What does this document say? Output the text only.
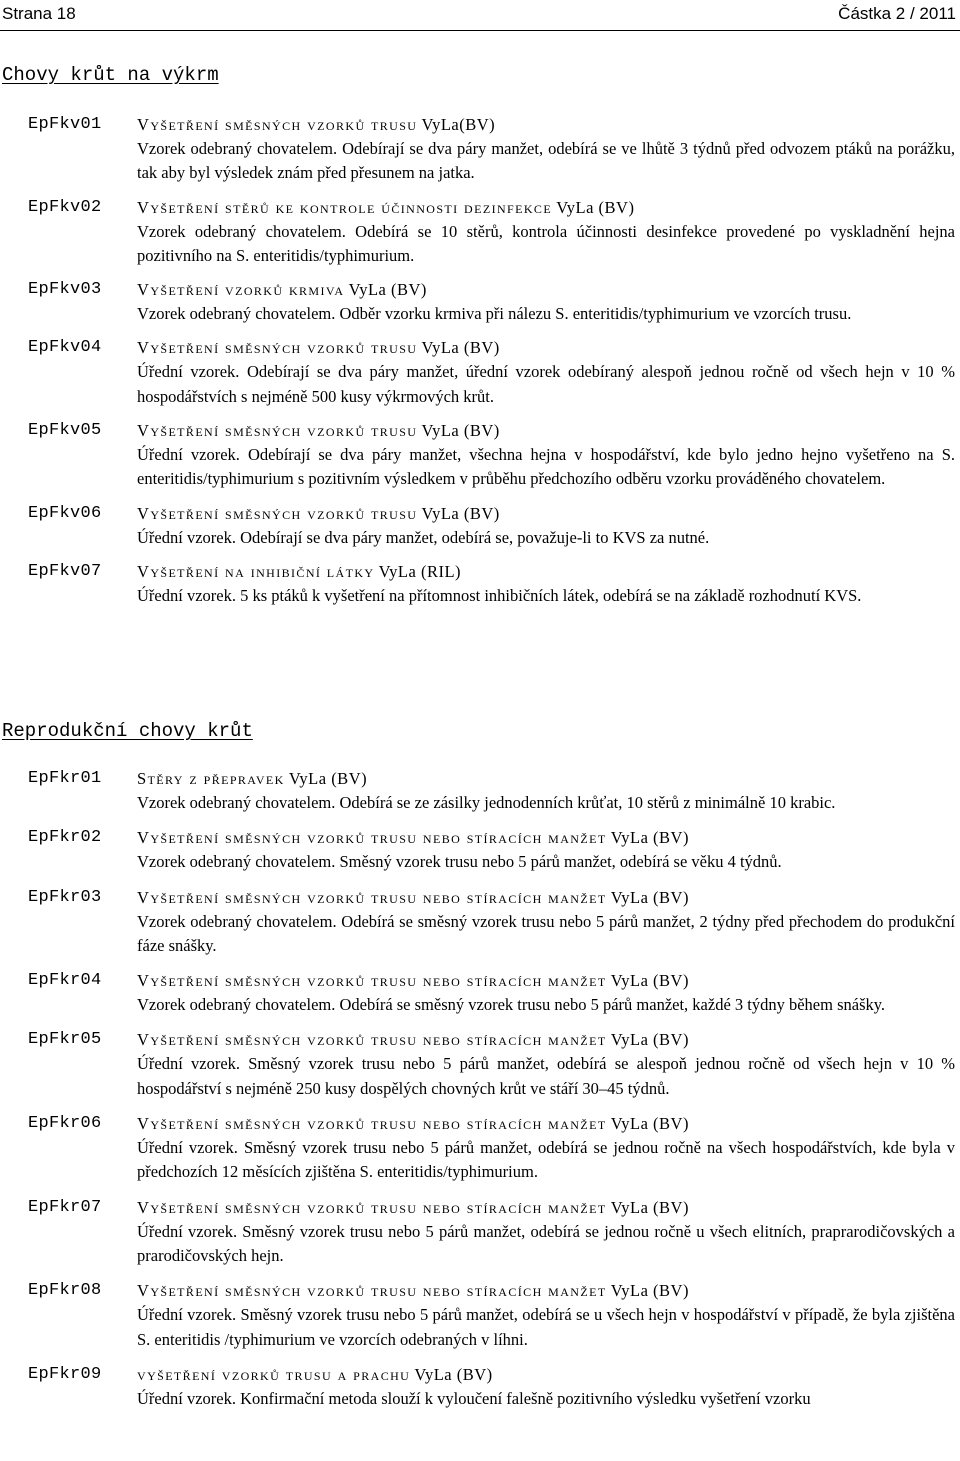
Strana 18	Částka 2 / 2011
Chovy krůt na výkrm
EpFkv01 Vyšetření směsných vzorků trusu VyLa(BV)
Vzorek odebraný chovatelem. Odebírají se dva páry manžet, odebírá se ve lhůtě 3 týdnů před odvozem ptáků na porážku, tak aby byl výsledek znám před přesunem na jatka.
EpFkv02 Vyšetření stěrů ke kontrole účinnosti dezinfekce VyLa (BV)
Vzorek odebraný chovatelem. Odebírá se 10 stěrů, kontrola účinnosti desinfekce provedené po vyskladnění hejna pozitivního na S. enteritidis/typhimurium.
EpFkv03 Vyšetření vzorků krmiva VyLa (BV)
Vzorek odebraný chovatelem. Odběr vzorku krmiva při nálezu S. enteritidis/typhimurium ve vzorcích trusu.
EpFkv04 Vyšetření směsných vzorků trusu VyLa (BV)
Úřední vzorek. Odebírají se dva páry manžet, úřední vzorek odebíraný alespoň jednou ročně od všech hejn v 10 % hospodářstvích s nejméně 500 kusy výkrmových krůt.
EpFkv05 Vyšetření směsných vzorků trusu VyLa (BV)
Úřední vzorek. Odebírají se dva páry manžet, všechna hejna v hospodářství, kde bylo jedno hejno vyšetřeno na S. enteritidis/typhimurium s pozitivním výsledkem v průběhu předchozího odběru vzorku prováděného chovatelem.
EpFkv06 Vyšetření směsných vzorků trusu VyLa (BV)
Úřední vzorek. Odebírají se dva páry manžet, odebírá se, považuje-li to KVS za nutné.
EpFkv07 Vyšetření na inhibiční látky VyLa (RIL)
Úřední vzorek. 5 ks ptáků k vyšetření na přítomnost inhibičních látek, odebírá se na základě rozhodnutí KVS.
Reprodukční chovy krůt
EpFkr01 Stěry z přepravek VyLa (BV)
Vzorek odebraný chovatelem. Odebírá se ze zásilky jednodenních krůťat, 10 stěrů z minimálně 10 krabic.
EpFkr02 Vyšetření směsných vzorků trusu nebo stíracích manžet VyLa (BV)
Vzorek odebraný chovatelem. Směsný vzorek trusu nebo 5 párů manžet, odebírá se věku 4 týdnů.
EpFkr03 Vyšetření směsných vzorků trusu nebo stíracích manžet VyLa (BV)
Vzorek odebraný chovatelem. Odebírá se směsný vzorek trusu nebo 5 párů manžet, 2 týdny před přechodem do produkční fáze snášky.
EpFkr04 Vyšetření směsných vzorků trusu nebo stíracích manžet VyLa (BV)
Vzorek odebraný chovatelem. Odebírá se směsný vzorek trusu nebo 5 párů manžet, každé 3 týdny během snášky.
EpFkr05 Vyšetření směsných vzorků trusu nebo stíracích manžet VyLa (BV)
Úřední vzorek. Směsný vzorek trusu nebo 5 párů manžet, odebírá se alespoň jednou ročně od všech hejn v 10 % hospodářství s nejméně 250 kusy dospělých chovných krůt ve stáří 30–45 týdnů.
EpFkr06 Vyšetření směsných vzorků trusu nebo stíracích manžet VyLa (BV)
Úřední vzorek. Směsný vzorek trusu nebo 5 párů manžet, odebírá se jednou ročně na všech hospodářstvích, kde byla v předchozích 12 měsících zjištěna S. enteritidis/typhimurium.
EpFkr07 Vyšetření směsných vzorků trusu nebo stíracích manžet VyLa (BV)
Úřední vzorek. Směsný vzorek trusu nebo 5 párů manžet, odebírá se jednou ročně u všech elitních, praprarodičovských a prarodičovských hejn.
EpFkr08 Vyšetření směsných vzorků trusu nebo stíracích manžet VyLa (BV)
Úřední vzorek. Směsný vzorek trusu nebo 5 párů manžet, odebírá se u všech hejn v hospodářství v případě, že byla zjištěna S. enteritidis /typhimurium ve vzorcích odebraných v líhni.
EpFkr09 vyšetření vzorků trusu a prachu VyLa (BV)
Úřední vzorek. Konfirmační metoda slouží k vyloučení falešně pozitivního výsledku vyšetření vzorku
